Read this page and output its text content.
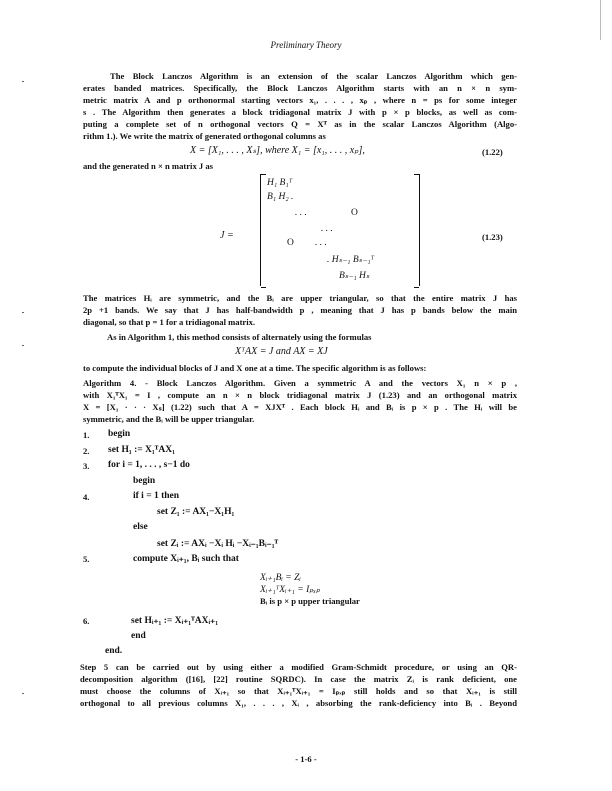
Preliminary Theory
The Block Lanczos Algorithm is an extension of the scalar Lanczos Algorithm which gen-
erates banded matrices. Specifically, the Block Lanczos Algorithm starts with an n × n sym-
metric matrix A and p orthonormal starting vectors x₁, . . . , xₚ , where n = ps for some integer
s . The Algorithm then generates a block tridiagonal matrix J with p × p blocks, as well as com-
puting a complete set of n orthogonal vectors Q = Xᵀ as in the scalar Lanczos Algorithm (Algo-
rithm 1.). We write the matrix of generated orthogonal columns as
X = [X₁, . . . , Xₛ], where X₁ = [x₁, . . . , xₚ],	(1.22)
and the generated n × n matrix J as
J =
H₁ B₁ᵀ
B₁ H₂ .
. . .	O
. . .
O . . .
. Hₛ₋₁ Bₛ₋₁ᵀ
Bₛ₋₁ Hₛ
(1.23)
The matrices Hᵢ are symmetric, and the Bᵢ are upper triangular, so that the entire matrix J has
2p +1 bands. We say that J has half-bandwidth p , meaning that J has p bands below the main
diagonal, so that p = 1 for a tridiagonal matrix.
As in Algorithm 1, this method consists of alternately using the formulas
XᵀAX = J and AX = XJ
to compute the individual blocks of J and X one at a time. The specific algorithm is as follows:
Algorithm 4. - Block Lanczos Algorithm. Given a symmetric A and the vectors X₁ n × p ,
with X₁ᵀX₁ = I , compute an n × n block tridiagonal matrix J (1.23) and an orthogonal matrix
X = [X₁ · · · Xₛ] (1.22) such that A = XJXᵀ . Each block Hᵢ and Bᵢ is p × p . The Hᵢ will be
symmetric, and the Bᵢ will be upper triangular.
1. begin
2. set H₁ := X₁ᵀAX₁
3. for i = 1, . . . , s−1 do
begin
4.	if i = 1 then
set Z₁ := AX₁−X₁H₁
else
set Zᵢ := AXᵢ −Xᵢ Hᵢ −Xᵢ₋₁Bᵢ₋₁ᵀ
5.	compute Xᵢ₊₁, Bᵢ such that
Xᵢ₊₁Bᵢ = Zᵢ
Xᵢ₊₁ᵀXᵢ₊₁ = Iₚₓₚ
Bᵢ is p × p upper triangular
6.	set Hᵢ₊₁ := Xᵢ₊₁ᵀAXᵢ₊₁
end
end.
Step 5 can be carried out by using either a modified Gram-Schmidt procedure, or using an QR-
decomposition algorithm ([16], [22] routine SQRDC). In case the matrix Zᵢ is rank deficient, one
must choose the columns of Xᵢ₊₁ so that Xᵢ₊₁ᵀXᵢ₊₁ = Iₚₓₚ still holds and so that Xᵢ₊₁ is still
orthogonal to all previous columns X₁, . . . , Xᵢ , absorbing the rank-deficiency into Bᵢ . Beyond
- 1-6 -
